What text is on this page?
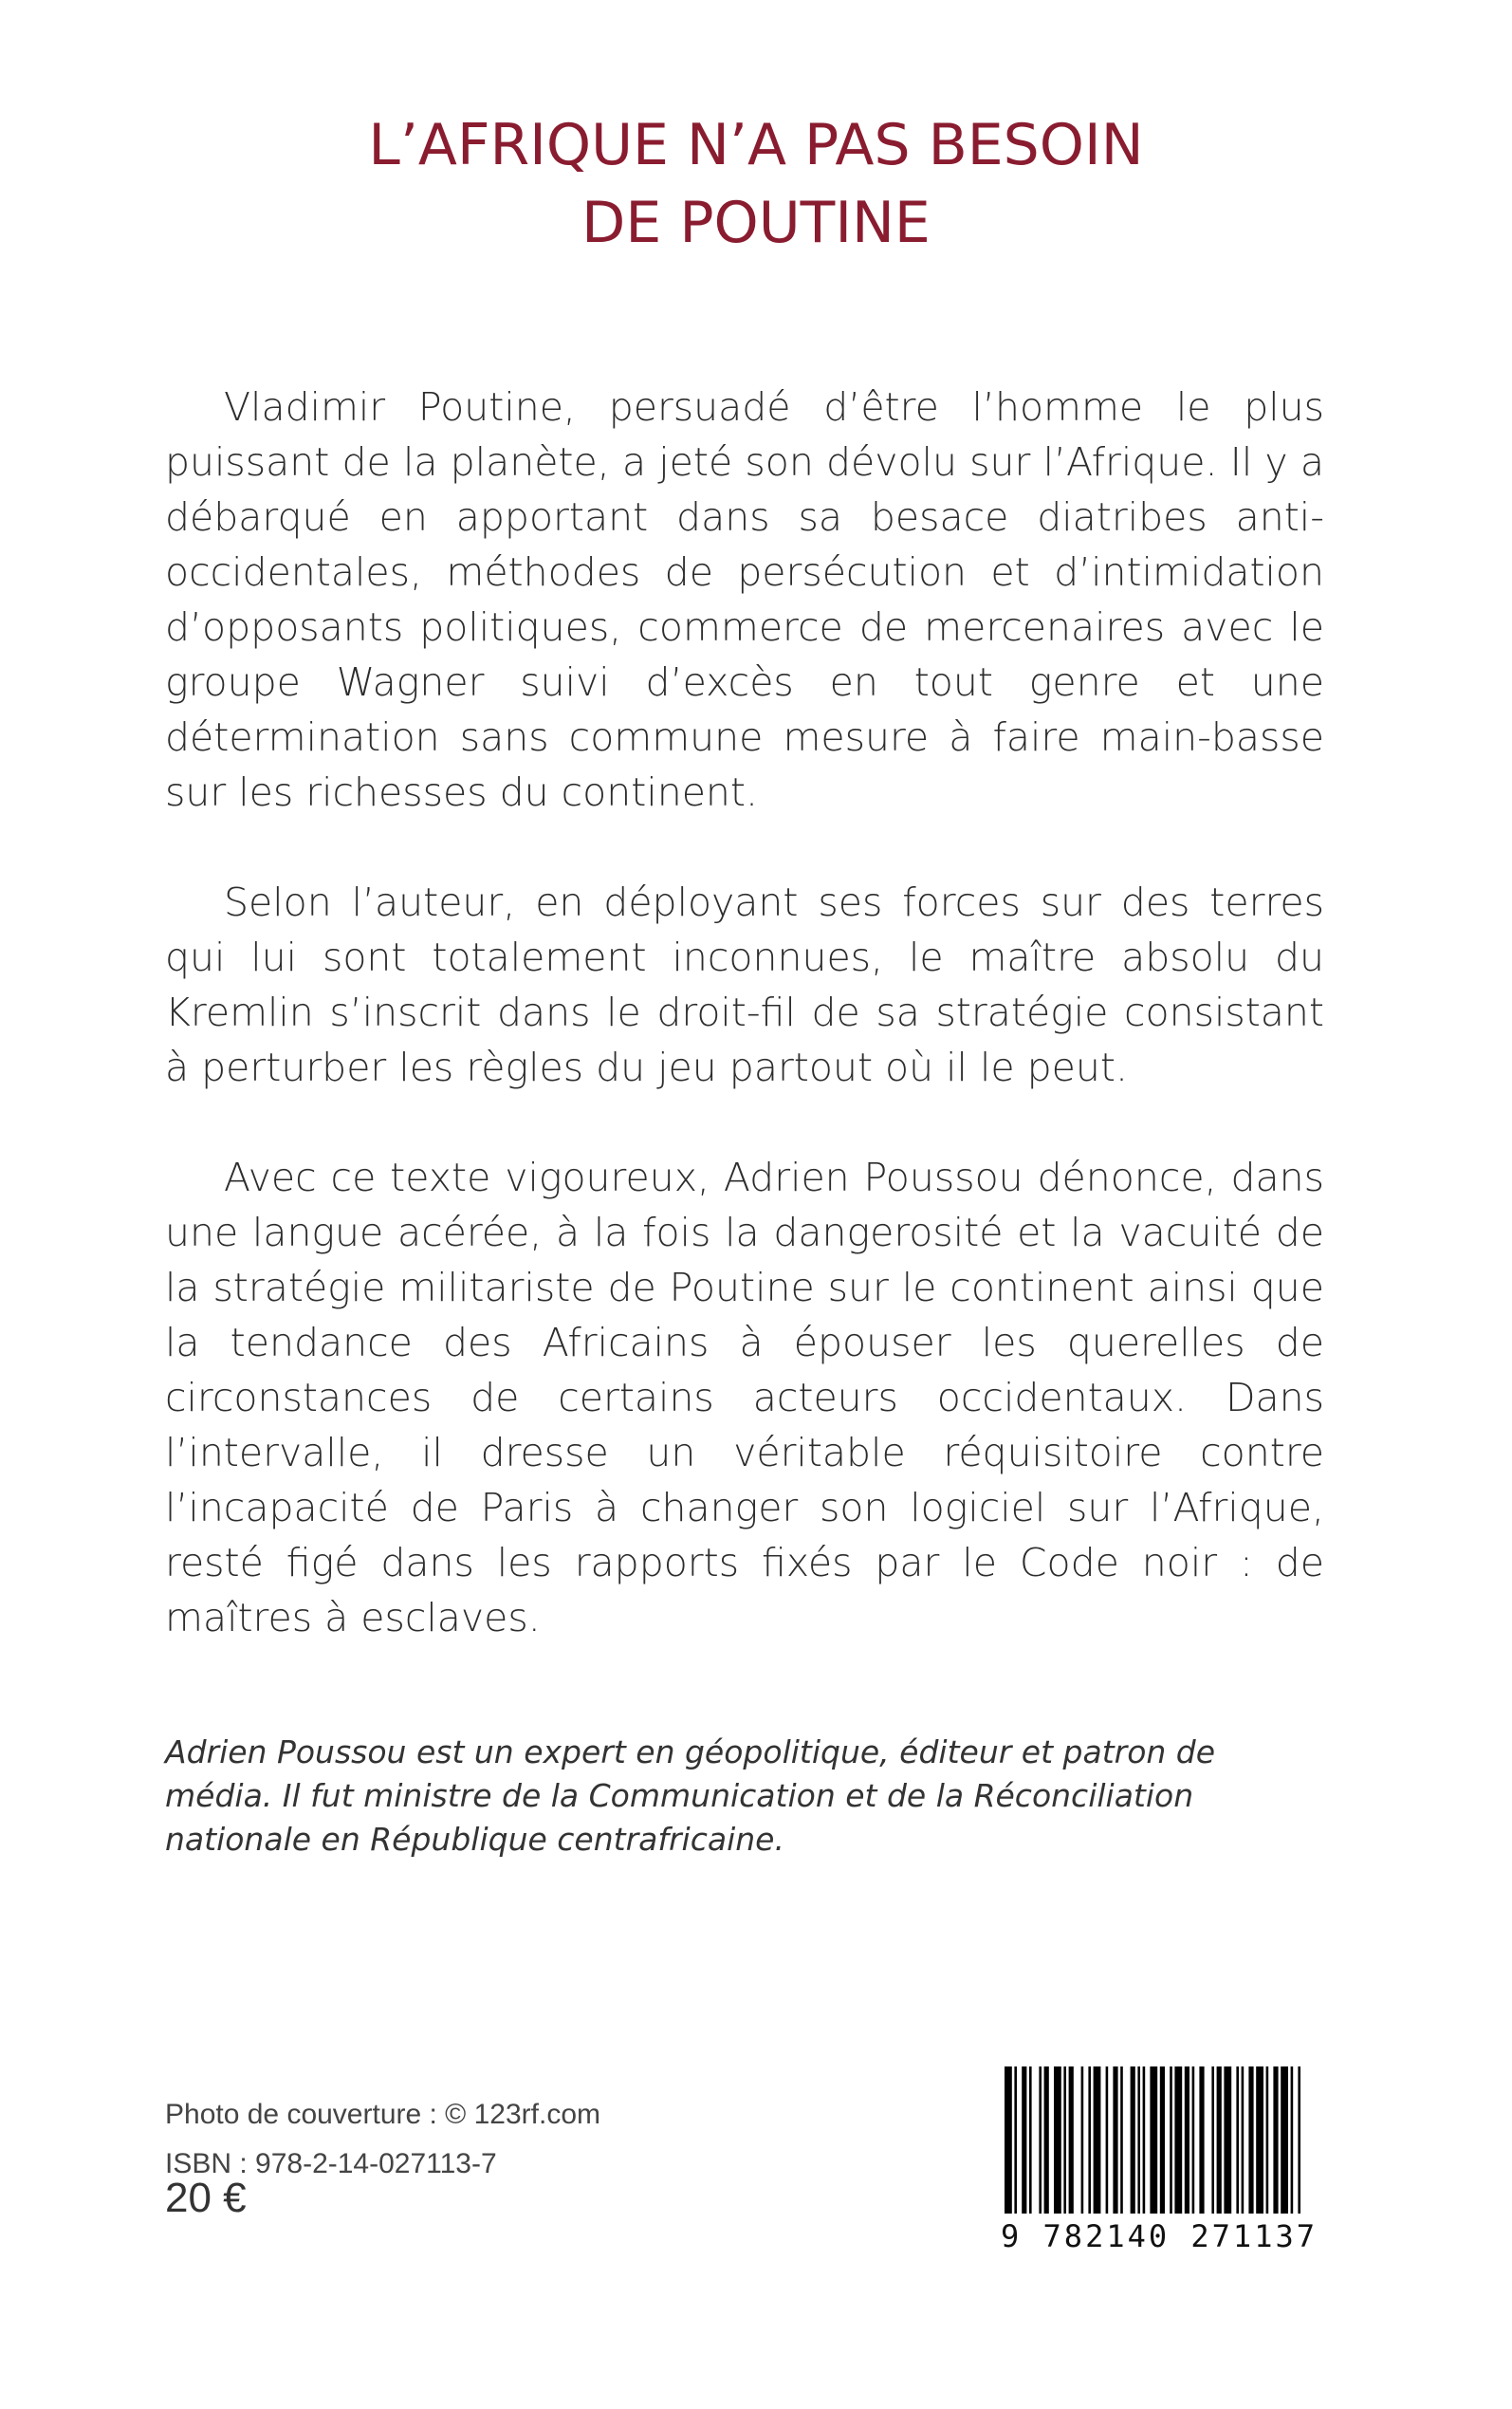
L’AFRIQUE N’A PAS BESOIN
DE POUTINE

Vladimir Poutine, persuadé d’être l’homme le plus puissant de la planète, a jeté son dévolu sur l’Afrique. Il y a débarqué en apportant dans sa besace diatribes anti-occidentales, méthodes de persécution et d’intimidation d’opposants politiques, commerce de mercenaires avec le groupe Wagner suivi d’excès en tout genre et une détermination sans commune mesure à faire main-basse sur les richesses du continent.

Selon l’auteur, en déployant ses forces sur des terres qui lui sont totalement inconnues, le maître absolu du Kremlin s’inscrit dans le droit-fil de sa stratégie consistant à perturber les règles du jeu partout où il le peut.

Avec ce texte vigoureux, Adrien Poussou dénonce, dans une langue acérée, à la fois la dangerosité et la vacuité de la stratégie militariste de Poutine sur le continent ainsi que la tendance des Africains à épouser les querelles de circonstances de certains acteurs occidentaux. Dans l’intervalle, il dresse un véritable réquisitoire contre l’incapacité de Paris à changer son logiciel sur l’Afrique, resté figé dans les rapports fixés par le Code noir : de maîtres à esclaves.

Adrien Poussou est un expert en géopolitique, éditeur et patron de média. Il fut ministre de la Communication et de la Réconciliation nationale en République centrafricaine.

Photo de couverture : © 123rf.com

ISBN : 978-2-14-027113-7

20 €

9 782140 271137
